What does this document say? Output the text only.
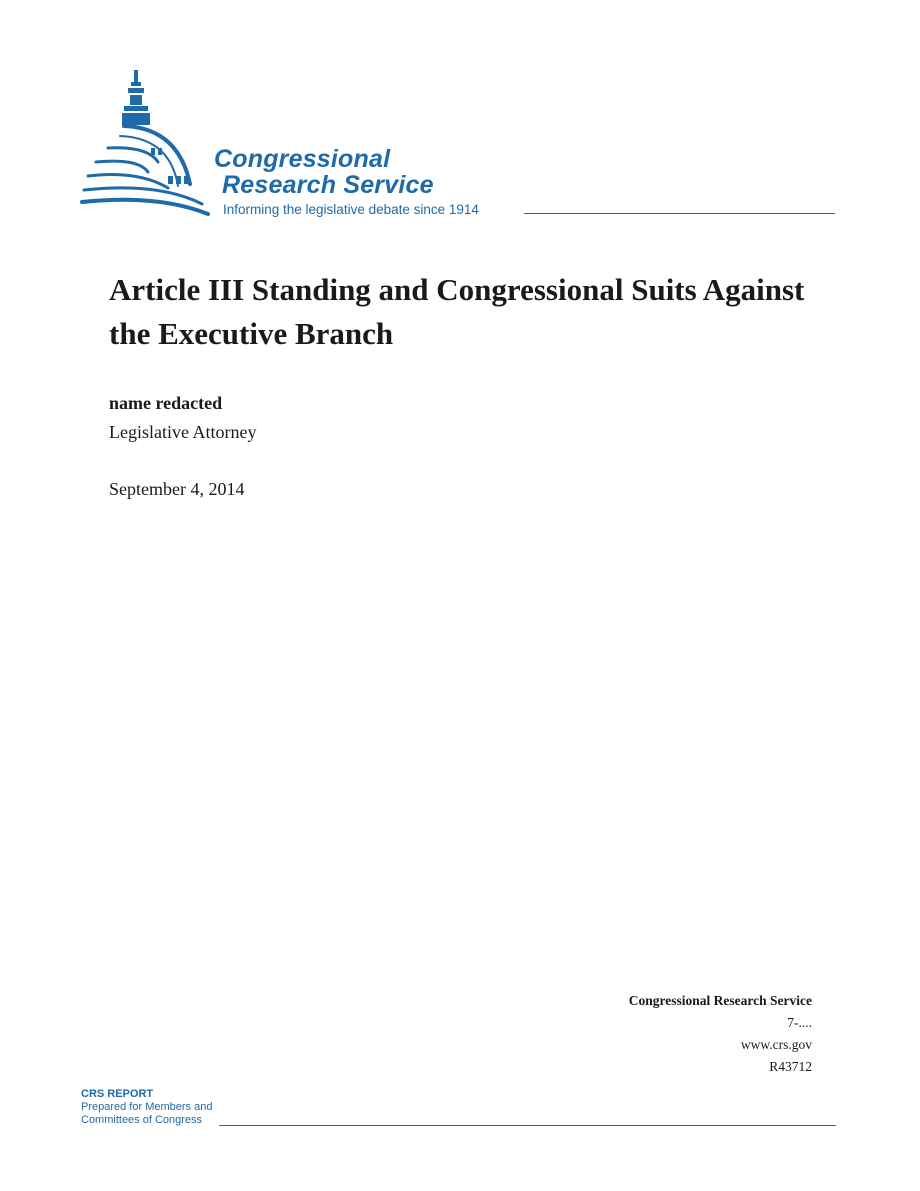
Congressional
Research Service
Informing the legislative debate since 1914
Article III Standing and Congressional Suits Against the Executive Branch
name redacted
Legislative Attorney
September 4, 2014
Congressional Research Service
7-....
www.crs.gov
R43712
CRS REPORT
Prepared for Members and
Committees of Congress
